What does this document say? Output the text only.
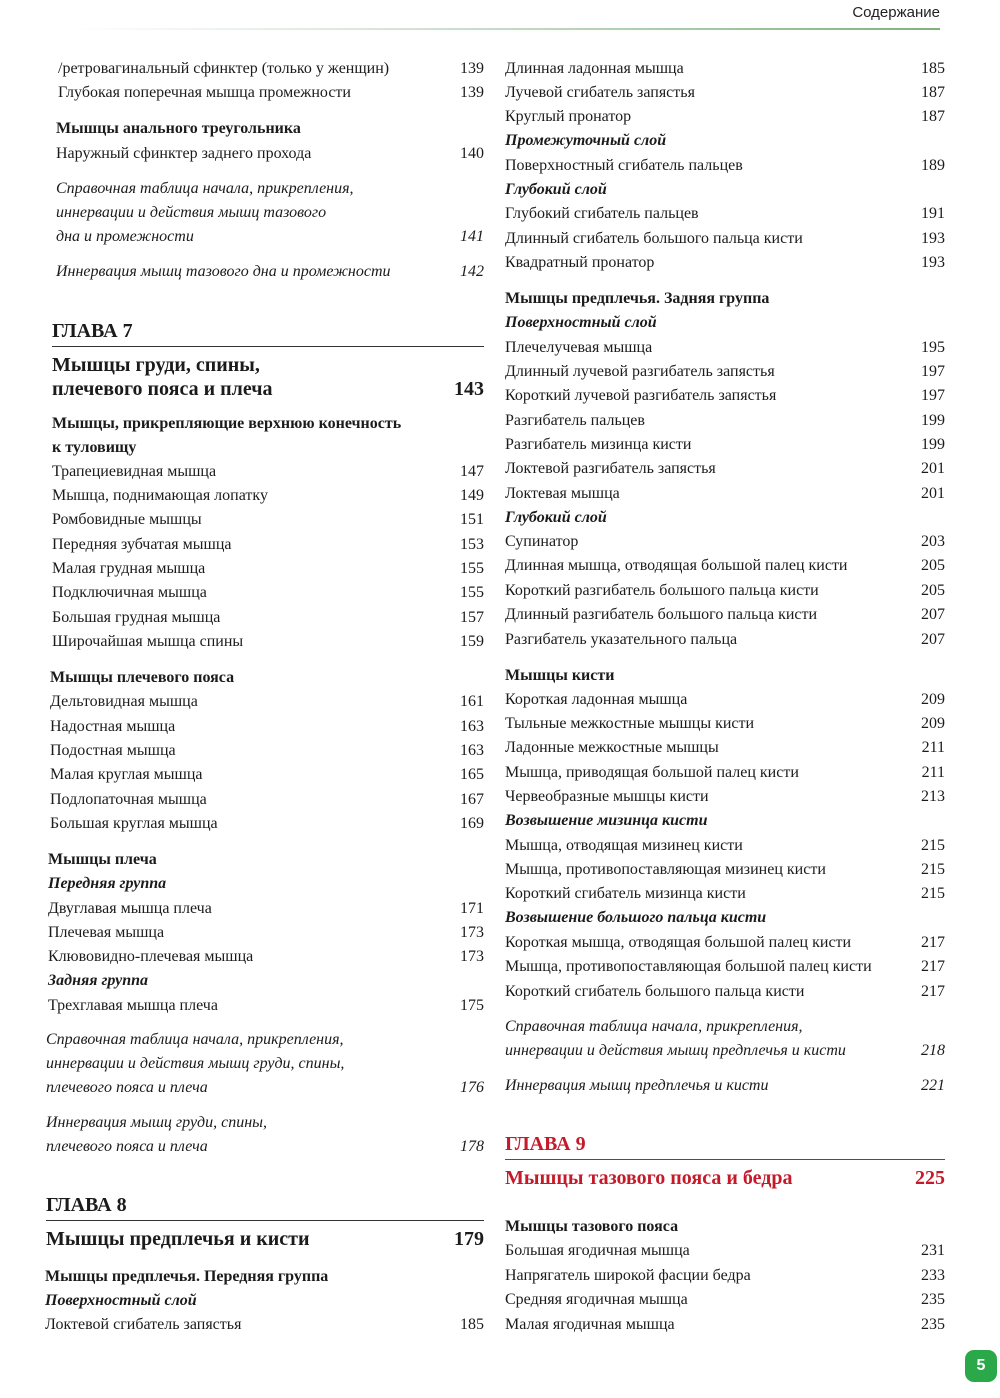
Содержание
/ретровагинальный сфинктер (только у женщин)	139
Глубокая поперечная мышца промежности	139
Мышцы анального треугольника
Наружный сфинктер заднего прохода	140
Справочная таблица начала, прикрепления,
иннервации и действия мышц тазового
дна и промежности	141
Иннервация мышц тазового дна и промежности	142
ГЛАВА 7
Мышцы груди, спины,
плечевого пояса и плеча	143
Мышцы, прикрепляющие верхнюю конечность
к туловищу
Трапециевидная мышца	147
Мышца, поднимающая лопатку	149
Ромбовидные мышцы	151
Передняя зубчатая мышца	153
Малая грудная мышца	155
Подключичная мышца	155
Большая грудная мышца	157
Широчайшая мышца спины	159
Мышцы плечевого пояса
Дельтовидная мышца	161
Надостная мышца	163
Подостная мышца	163
Малая круглая мышца	165
Подлопаточная мышца	167
Большая круглая мышца	169
Мышцы плеча
Передняя группа
Двуглавая мышца плеча	171
Плечевая мышца	173
Клювовидно-плечевая мышца	173
Задняя группа
Трехглавая мышца плеча	175
Справочная таблица начала, прикрепления,
иннервации и действия мышц груди, спины,
плечевого пояса и плеча	176
Иннервация мышц груди, спины,
плечевого пояса и плеча	178
ГЛАВА 8
Мышцы предплечья и кисти	179
Мышцы предплечья. Передняя группа
Поверхностный слой
Локтевой сгибатель запястья	185
Длинная ладонная мышца	185
Лучевой сгибатель запястья	187
Круглый пронатор	187
Промежуточный слой
Поверхностный сгибатель пальцев	189
Глубокий слой
Глубокий сгибатель пальцев	191
Длинный сгибатель большого пальца кисти	193
Квадратный пронатор	193
Мышцы предплечья. Задняя группа
Поверхностный слой
Плечелучевая мышца	195
Длинный лучевой разгибатель запястья	197
Короткий лучевой разгибатель запястья	197
Разгибатель пальцев	199
Разгибатель мизинца кисти	199
Локтевой разгибатель запястья	201
Локтевая мышца	201
Глубокий слой
Супинатор	203
Длинная мышца, отводящая большой палец кисти	205
Короткий разгибатель большого пальца кисти	205
Длинный разгибатель большого пальца кисти	207
Разгибатель указательного пальца	207
Мышцы кисти
Короткая ладонная мышца	209
Тыльные межкостные мышцы кисти	209
Ладонные межкостные мышцы	211
Мышца, приводящая большой палец кисти	211
Червеобразные мышцы кисти	213
Возвышение мизинца кисти
Мышца, отводящая мизинец кисти	215
Мышца, противопоставляющая мизинец кисти	215
Короткий сгибатель мизинца кисти	215
Возвышение большого пальца кисти
Короткая мышца, отводящая большой палец кисти	217
Мышца, противопоставляющая большой палец кисти	217
Короткий сгибатель большого пальца кисти	217
Справочная таблица начала, прикрепления,
иннервации и действия мышц предплечья и кисти	218
Иннервация мышц предплечья и кисти	221
ГЛАВА 9
Мышцы тазового пояса и бедра	225
Мышцы тазового пояса
Большая ягодичная мышца	231
Напрягатель широкой фасции бедра	233
Средняя ягодичная мышца	235
Малая ягодичная мышца	235
5
